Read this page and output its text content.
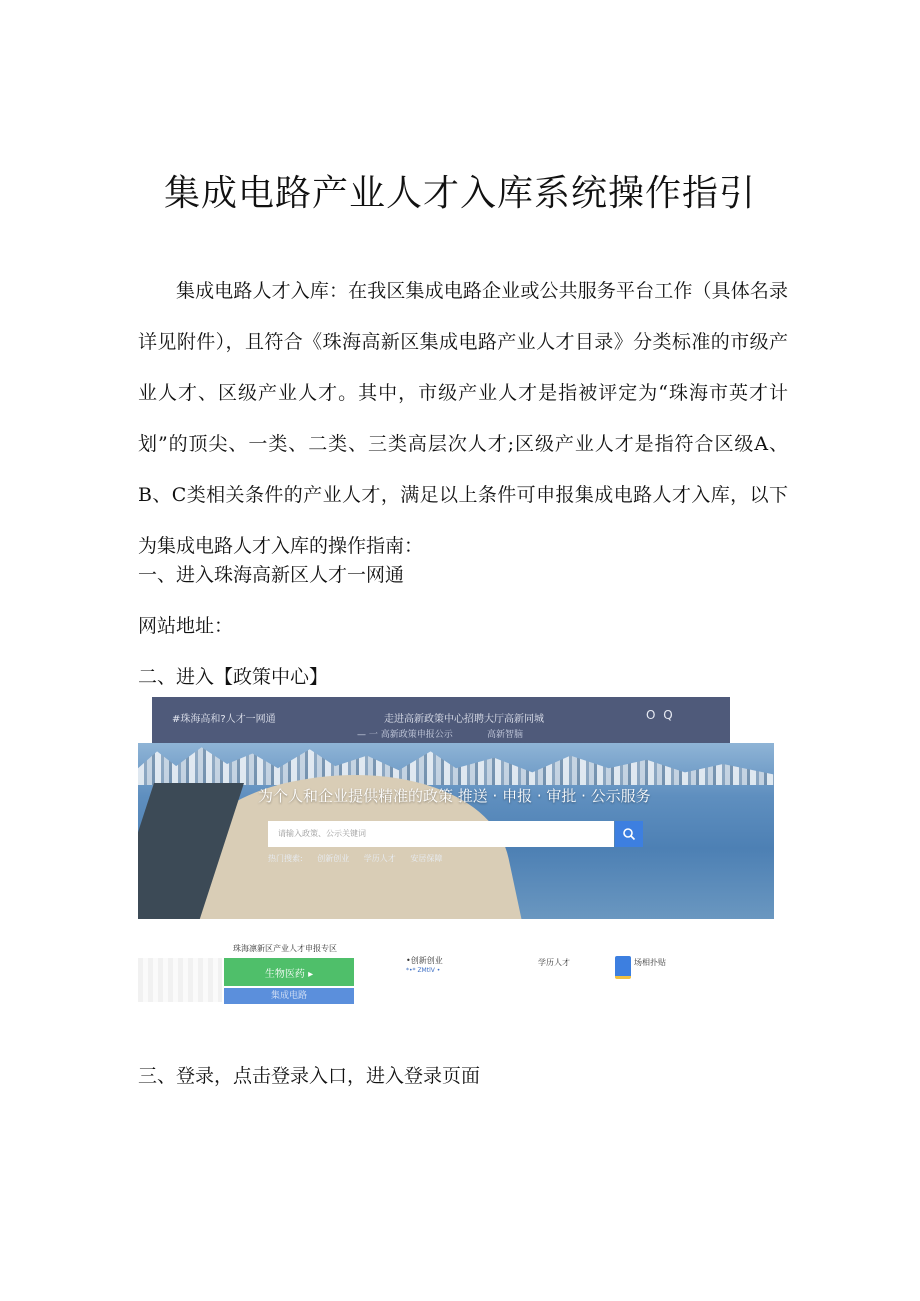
集成电路产业人才入库系统操作指引

集成电路人才入库：在我区集成电路企业或公共服务平台工作（具体名录详见附件），且符合《珠海高新区集成电路产业人才目录》分类标准的市级产业人才、区级产业人才。其中，市级产业人才是指被评定为“珠海市英才计划”的顶尖、一类、二类、三类高层次人才;区级产业人才是指符合区级A、B、C类相关条件的产业人才，满足以上条件可申报集成电路人才入库，以下为集成电路人才入库的操作指南：

一、进入珠海高新区人才一网通
网站地址：
二、进入【政策中心】
#珠海高和?人才一网通	走进高新政策中心招聘大厅高新同城	O Q
— 一 高新政策申报公示	高新智脑
为个人和企业提供精准的政策 推送 · 申报 · 审批 · 公示服务
请输入政策、公示关键词
热门搜索: 创新创业 学历人才 安居保障
珠海凛新区产业人才申报专区
生物医药 ▸
集成电路
•创新创业
*•* ZMtlV •
学历人才	场相扑贴
三、登录，点击登录入口，进入登录页面
